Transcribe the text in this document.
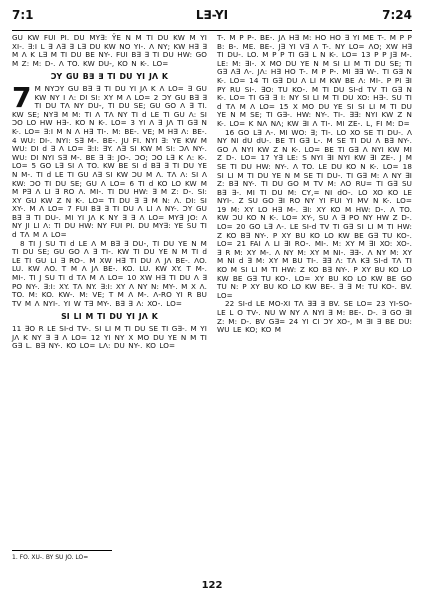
7:1	L∃-YI	7:24

GU KW FUI PI. DU MY∃: ŸE N M TI DU KW M YI XI-. ∃:I L ∃ Λ∃ ∃ L∃ DU KW NO YI-. Λ NY; KW H∃ ∃ M Λ K L∃ M TI DU BE NY-. FUI B∃ ∃ TI DU HW: GO M Z: M: D-. Λ TO. KW DU-, KO N K-. LO=

ϽY GU B∃ ∃ TI DU YI JΛ K

7 M NYϽY GU B∃ ∃ TI DU YI JΛ K Λ LO= ∃ GU KW NY I Λ: DI SI: XY M Λ LO= 2 ϽY GU B∃ ∃ TI DU TΛ NY DU-, TI DU SE; GU GO Λ ∃ TI. KW SE; NY∃ M M: TI Λ TΛ NY TI d LE TI GU Λ: SI ϽO LO HW H∃-. KO N K-. LO= 3 YI Λ ∃ JΛ TI G∃ N K-. LO= ∃:I M N Λ H∃ TI-. M: BE-. VE; M H∃ Λ: BE-. 4 WU: DI-. NYI: S∃ M-. BE-. JU FI. NYI ∃: YE KW M WU: DI d ∃ Λ LO= ∃:I: ∃Y. Λ∃ SI KW M SI: ϽΛ NY-. WU: DI NYI S∃ M-. BE ∃ ∃: JO-. ϽO; ϽO L∃ K Λ: K-. LO= 5 GO L∃ SI Λ TO. KW BE SI d B∃ ∃ TI DU YE N M-. TI d LE TI GU Λ∃ SI KW ϽU M Λ. TΛ Λ: SI Λ KW: ϽO TI DU SE; GU Λ LO= 6 TI d KO LO KW M M P∃ Λ LI ∃ RO Λ. MI-. TI DU HW: ∃ M Z: D-. SI: XY GU KW Z N K-. LO= TI DU ∃ ∃ M N: Λ. DI: SI XY-. M Λ LO= 7 FUI B∃ ∃ TI DU Λ LI Λ NY-. ϽY GU B∃ ∃ TI DU-. MI YI JΛ K NY ∃ ∃ Λ LO= MY∃ JO: Λ NY JI LI Λ: TI DU HW: NY FUI PI. DU MY∃: YE SU TI d TΛ M Λ LO=

8 TI J SU TI d LE Λ M B∃ ∃ DU-, TI DU YE N M TI DU SE; GU GO Λ ∃ TI-. KW TI DU YE N M TI d LE TI GU LI ∃ RO-. M XW H∃ TI DU Λ JΛ BE-. ΛO. LU. KW ΛO. T M Λ JΛ BE-. KO. LU. KW XY. T M-. MI-. TI J SU TI d TΛ M Λ LO= 10 XW H∃ TI DU Λ ∃ PO NY-. ∃:I: XY. TΛ NY. ∃:I: XY Λ NY N: MY-. M X Λ. TO. M: KO. KW-. M: VE; T M Λ M-. Λ-RO YI R BU TV M Λ NYI-. YI W T∃ MY-. B∃ ∃ Λ: XO-. LO=

SI LI M TI DU YI JΛ K

11 ∃O R LE SI-d TV-. SI LI M TI DU SE TI G∃-. M YI JΛ K NY ∃ ∃ Λ LO= 12 YI NY X MO DU YE N M TI G∃ L. B∃ NY-. KO LO= LΛ: DU NY-. KO LO=

T-. M P P-. BE-. JΛ H∃ M: HO HO ∃ YI ME T-. M P P B: B-. ME. BE-. J∃ YI V∃ Λ T-. NY LO= ΛO; XW H∃ TI DU-. LO. M P P TI G∃ L N K-. LO= 13 P P J∃ M-. LE: M: ∃I-. X MO DU YE N M SI LI M TI DU SE; TI G∃ Λ∃ Λ-. JΛ: H∃ HO T-. M P P-. MI ∃∃ W-. TI G∃ N K-. LO= 14 TI G∃ DU Λ LI M KW BE Λ: MI-. P PI ∃I PY RU SI-. ∃O: TU KO-. M TI DU SI-d TV TI G∃ N K-. LO= TI G∃ ∃ I: NY SI LI M TI DU XO: H∃-. SU TI d TΛ M Λ LO= 15 X MO DU YE SI SI LI M TI DU YE N M SE; TI G∃-. HW: NY-. TI-. ∃∃: NYI KW Z N K-. LO= K NΛ NΛ; KW ∃I Λ TI-. MI ZE-. L, FI M: D=

16 GO L∃ Λ-. MI WO: ∃; TI-. LO XO SE TI DU-. Λ NY NI dU dU-. BE TI G∃ L-. M SE TI DU Λ B∃ NY-. GO Λ NYI KW Z N K-. LO= BE TI G∃ Λ NYI KW MI Z D-. LO= 17 Y∃ LE: S NYI ∃I NYI KW ∃I ZE-. J M SE TI DU HW: NY-. Λ TO. LE DU KO N K-. LO= 18 SI LI M TI DU YE N M SE TI DU-. TI G∃ M: Λ NY ∃I Z: B∃ NY-. TI DU GO M TV M: ΛO RU= TI G∃ SU B∃ ∃-. MI TI DU M: CY,= NI dO-. LO XO KO LE NYI-. Z SU GO ∃I RO NY YI FUI YI MV N K-. LO= 19 M: XY LO H∃ M-. ∃I: XY KO M HW: D-. Λ TO. KW ϽU KO N K-. LO= XY-, SU Λ ∃ PO NY HW Z D-. LO= 20 GO L∃ Λ-. LE SI-d TV TI G∃ SI LI M TI HW: Z KO B∃ NY-. P XY BU KO LO KW BE G∃ TU KO-. LO= 21 FAI Λ LI ∃I RO-. MI-. M: XY M ∃I XO: XO-. ∃ R M: XY M-. Λ NY M: XY M NI-. ∃∃-. Λ NY M: XY M NI d ∃ M: XY M BU TI-. ∃∃ Λ: TΛ K∃ SI-d TΛ TI KO M SI LI M TI HW: Z KO B∃ NY-. P XY BU KO LO KW BE G∃ TU KO-. LO= XY BU KO LO KW BE GO TU N: P XY BU KO LO KW BE-. ∃ ∃ M: TU KO-. BV. LO=

22 SI-d LE MO-XI TΛ ∃∃ ∃ BV. SE LO= 23 YI-SO-LE L O TV-. NU W NY Λ NYI ∃ M: BE-. D-. ∃ GO ∃I Z: M: D-. BV G∃= 24 YI CI ϽY XO-, M ∃I ∃ BE DU: WU LE KO; KO M

1. FO. XU-. BY SU JO. LO=
122
